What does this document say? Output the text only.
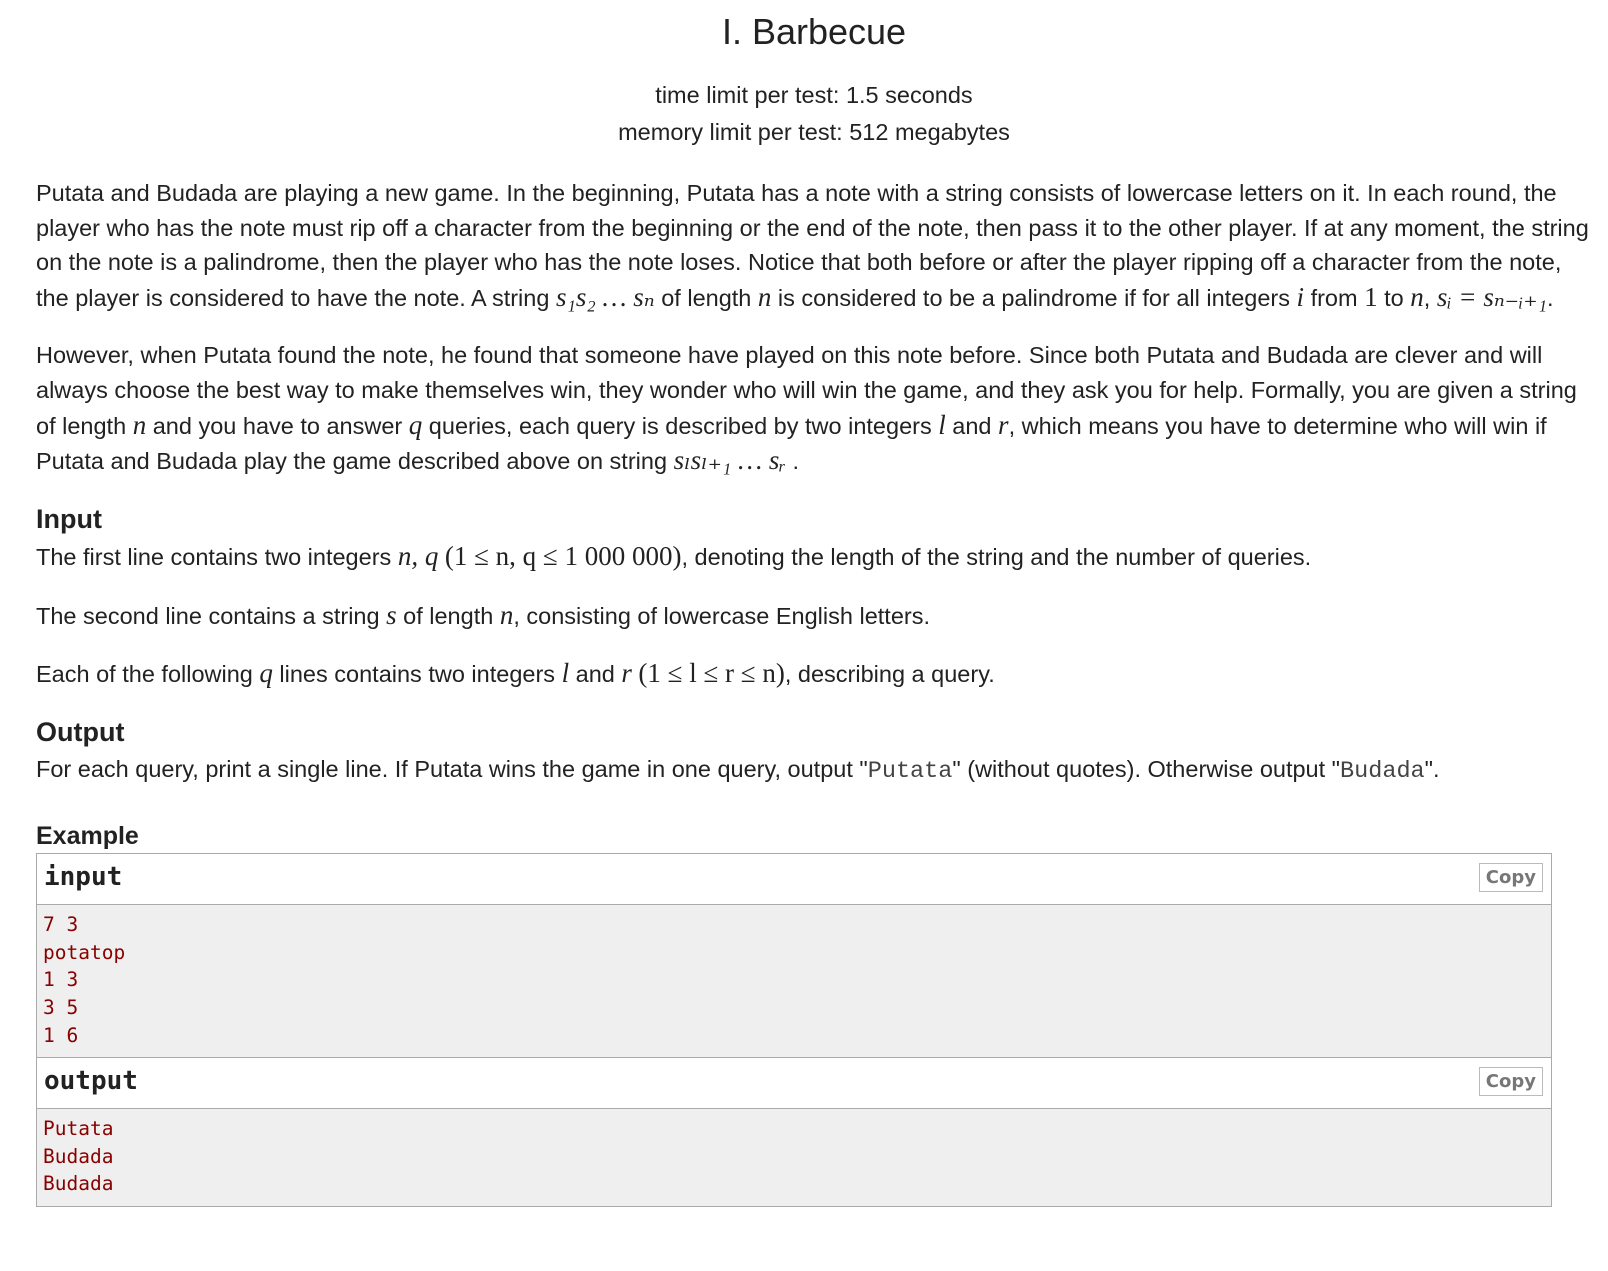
I. Barbecue
time limit per test: 1.5 seconds
memory limit per test: 512 megabytes

Putata and Budada are playing a new game. In the beginning, Putata has a note with a string consists of lowercase letters on it. In each round, the player who has the note must rip off a character from the beginning or the end of the note, then pass it to the other player. If at any moment, the string on the note is a palindrome, then the player who has the note loses. Notice that both before or after the player ripping off a character from the note, the player is considered to have the note. A string s₁s₂ … sₙ of length n is considered to be a palindrome if for all integers i from 1 to n, sᵢ = sₙ₋ᵢ₊₁.

However, when Putata found the note, he found that someone have played on this note before. Since both Putata and Budada are clever and will always choose the best way to make themselves win, they wonder who will win the game, and they ask you for help. Formally, you are given a string of length n and you have to answer q queries, each query is described by two integers l and r, which means you have to determine who will win if Putata and Budada play the game described above on string sₗsₗ₊₁ … sᵣ .

Input

The first line contains two integers n, q (1 ≤ n, q ≤ 1 000 000), denoting the length of the string and the number of queries.

The second line contains a string s of length n, consisting of lowercase English letters.

Each of the following q lines contains two integers l and r (1 ≤ l ≤ r ≤ n), describing a query.

Output

For each query, print a single line. If Putata wins the game in one query, output "Putata" (without quotes). Otherwise output "Budada".

Example
input	Copy
7 3
potatop
1 3
3 5
1 6
output	Copy
Putata
Budada
Budada
